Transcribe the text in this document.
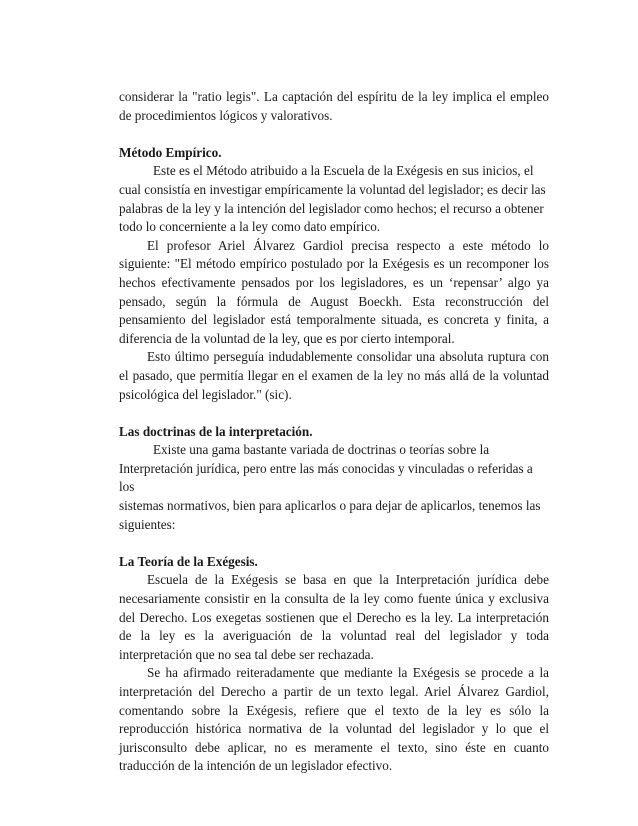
considerar la "ratio legis". La captación del espíritu de la ley implica el empleo de procedimientos lógicos y valorativos.

Método Empírico.

Este es el Método atribuido a la Escuela de la Exégesis en sus inicios, el cual consistía en investigar empíricamente la voluntad del legislador; es decir las palabras de la ley y la intención del legislador como hechos; el recurso a obtener todo lo concerniente a la ley como dato empírico.

El profesor Ariel Álvarez Gardiol precisa respecto a este método lo siguiente: "El método empírico postulado por la Exégesis es un recomponer los hechos efectivamente pensados por los legisladores, es un ‘repensar’ algo ya pensado, según la fórmula de August Boeckh. Esta reconstrucción del pensamiento del legislador está temporalmente situada, es concreta y finita, a diferencia de la voluntad de la ley, que es por cierto intemporal.

Esto último perseguía indudablemente consolidar una absoluta ruptura con el pasado, que permitía llegar en el examen de la ley no más allá de la voluntad psicológica del legislador." (sic).

Las doctrinas de la interpretación.

Existe una gama bastante variada de doctrinas o teorías sobre la Interpretación jurídica, pero entre las más conocidas y vinculadas o referidas a los

sistemas normativos, bien para aplicarlos o para dejar de aplicarlos, tenemos las siguientes:

La Teoría de la Exégesis.

Escuela de la Exégesis se basa en que la Interpretación jurídica debe necesariamente consistir en la consulta de la ley como fuente única y exclusiva del Derecho. Los exegetas sostienen que el Derecho es la ley. La interpretación de la ley es la averiguación de la voluntad real del legislador y toda interpretación que no sea tal debe ser rechazada.

Se ha afirmado reiteradamente que mediante la Exégesis se procede a la interpretación del Derecho a partir de un texto legal. Ariel Álvarez Gardiol, comentando sobre la Exégesis, refiere que el texto de la ley es sólo la reproducción histórica normativa de la voluntad del legislador y lo que el jurisconsulto debe aplicar, no es meramente el texto, sino éste en cuanto traducción de la intención de un legislador efectivo.
